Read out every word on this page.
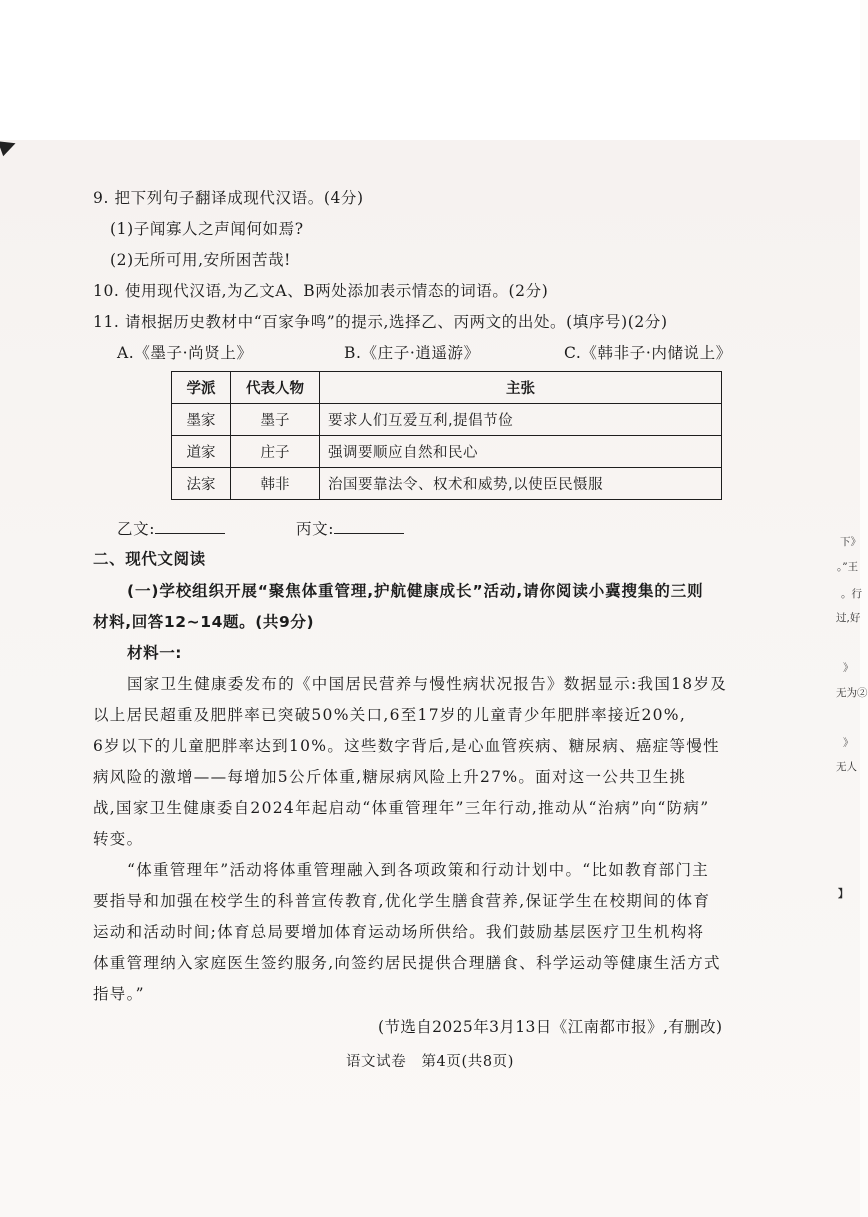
下》
。”王
。行
过,好
》
无为②
》
无人
】
9. 把下列句子翻译成现代汉语。(4分)
(1)子闻寡人之声闻何如焉?
(2)无所可用,安所困苦哉!
10. 使用现代汉语,为乙文A、B两处添加表示情态的词语。(2分)
11. 请根据历史教材中“百家争鸣”的提示,选择乙、丙两文的出处。(填序号)(2分)
A.《墨子·尚贤上》	B.《庄子·逍遥游》	C.《韩非子·内储说上》
学派	代表人物	主张
墨家	墨子	要求人们互爱互利,提倡节俭
道家	庄子	强调要顺应自然和民心
法家	韩非	治国要靠法令、权术和威势,以使臣民慑服
乙文:	丙文:
二、现代文阅读
(一)学校组织开展“聚焦体重管理,护航健康成长”活动,请你阅读小冀搜集的三则
材料,回答12~14题。(共9分)
材料一:
国家卫生健康委发布的《中国居民营养与慢性病状况报告》数据显示:我国18岁及
以上居民超重及肥胖率已突破50%关口,6至17岁的儿童青少年肥胖率接近20%,
6岁以下的儿童肥胖率达到10%。这些数字背后,是心血管疾病、糖尿病、癌症等慢性
病风险的激增——每增加5公斤体重,糖尿病风险上升27%。面对这一公共卫生挑
战,国家卫生健康委自2024年起启动“体重管理年”三年行动,推动从“治病”向“防病”
转变。
“体重管理年”活动将体重管理融入到各项政策和行动计划中。“比如教育部门主
要指导和加强在校学生的科普宣传教育,优化学生膳食营养,保证学生在校期间的体育
运动和活动时间;体育总局要增加体育运动场所供给。我们鼓励基层医疗卫生机构将
体重管理纳入家庭医生签约服务,向签约居民提供合理膳食、科学运动等健康生活方式
指导。”
(节选自2025年3月13日《江南都市报》,有删改)
语文试卷　第4页(共8页)
